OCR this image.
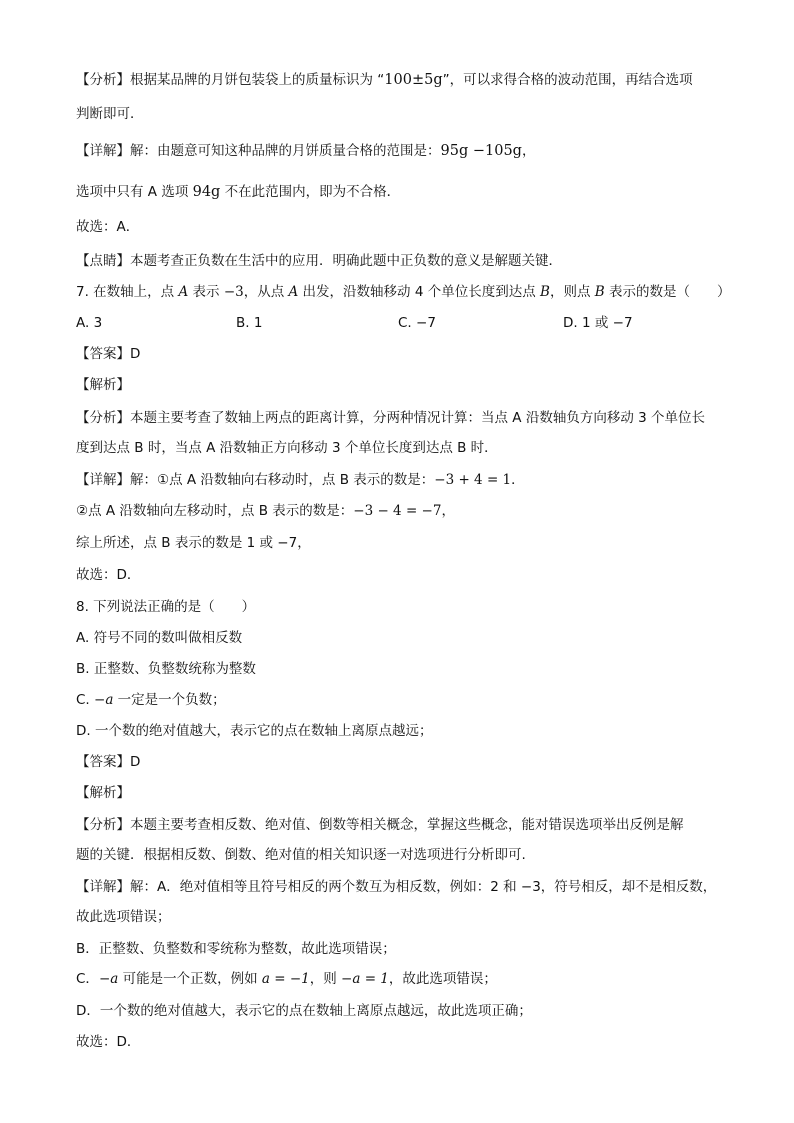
【分析】根据某品牌的月饼包装袋上的质量标识为 “100±5g”，可以求得合格的波动范围，再结合选项
判断即可．
【详解】解：由题意可知这种品牌的月饼质量合格的范围是：95g −105g，
选项中只有 A 选项 94g 不在此范围内，即为不合格．
故选：A．
【点睛】本题考查正负数在生活中的应用．明确此题中正负数的意义是解题关键．
7. 在数轴上，点 A 表示 −3，从点 A 出发，沿数轴移动 4 个单位长度到达点 B，则点 B 表示的数是（　　）
A. 3	B. 1	C. −7	D. 1 或 −7
【答案】D
【解析】
【分析】本题主要考查了数轴上两点的距离计算，分两种情况计算：当点 A 沿数轴负方向移动 3 个单位长
度到达点 B 时，当点 A 沿数轴正方向移动 3 个单位长度到达点 B 时．
【详解】解：①点 A 沿数轴向右移动时，点 B 表示的数是：−3 + 4 = 1．
②点 A 沿数轴向左移动时，点 B 表示的数是：−3 − 4 = −7，
综上所述，点 B 表示的数是 1 或 −7，
故选：D．
8. 下列说法正确的是（　　）
A. 符号不同的数叫做相反数
B. 正整数、负整数统称为整数
C. −a 一定是一个负数；
D. 一个数的绝对值越大，表示它的点在数轴上离原点越远；
【答案】D
【解析】
【分析】本题主要考查相反数、绝对值、倒数等相关概念，掌握这些概念，能对错误选项举出反例是解
题的关键．根据相反数、倒数、绝对值的相关知识逐一对选项进行分析即可.
【详解】解：A．绝对值相等且符号相反的两个数互为相反数，例如：2 和 −3，符号相反，却不是相反数，
故此选项错误；
B．正整数、负整数和零统称为整数，故此选项错误；
C．−a 可能是一个正数，例如 a = −1，则 −a = 1，故此选项错误；
D．一个数的绝对值越大，表示它的点在数轴上离原点越远，故此选项正确；
故选：D．
